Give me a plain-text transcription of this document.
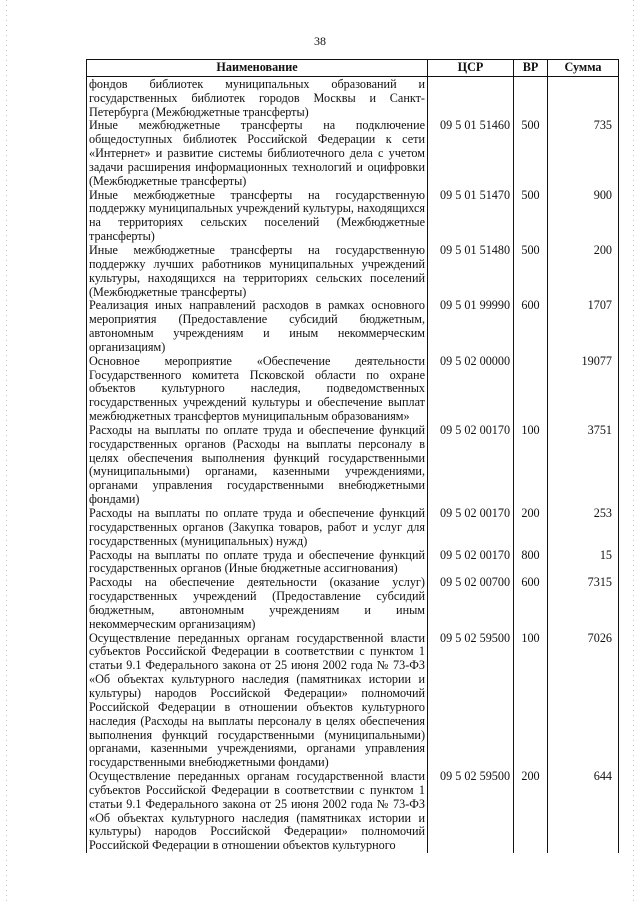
38
Наименование	ЦСР	ВР	Сумма
фондов библиотек муниципальных образований и государственных библиотек городов Москвы и Санкт-Петербурга (Межбюджетные трансферты)			
Иные межбюджетные трансферты на подключение общедоступных библиотек Российской Федерации к сети «Интернет» и развитие системы библиотечного дела с учетом задачи расширения информационных технологий и оцифровки (Межбюджетные трансферты)	09 5 01 51460	500	735
Иные межбюджетные трансферты на государственную поддержку муниципальных учреждений культуры, находящихся на территориях сельских поселений (Межбюджетные трансферты)	09 5 01 51470	500	900
Иные межбюджетные трансферты на государственную поддержку лучших работников муниципальных учреждений культуры, находящихся на территориях сельских поселений (Межбюджетные трансферты)	09 5 01 51480	500	200
Реализация иных направлений расходов в рамках основного мероприятия (Предоставление субсидий бюджетным, автономным учреждениям и иным некоммерческим организациям)	09 5 01 99990	600	1707
Основное мероприятие «Обеспечение деятельности Государственного комитета Псковской области по охране объектов культурного наследия, подведомственных государственных учреждений культуры и обеспечение выплат межбюджетных трансфертов муниципальным образованиям»	09 5 02 00000		19077
Расходы на выплаты по оплате труда и обеспечение функций государственных органов (Расходы на выплаты персоналу в целях обеспечения выполнения функций государственными (муниципальными) органами, казенными учреждениями, органами управления государственными внебюджетными фондами)	09 5 02 00170	100	3751
Расходы на выплаты по оплате труда и обеспечение функций государственных органов (Закупка товаров, работ и услуг для государственных (муниципальных) нужд)	09 5 02 00170	200	253
Расходы на выплаты по оплате труда и обеспечение функций государственных органов (Иные бюджетные ассигнования)	09 5 02 00170	800	15
Расходы на обеспечение деятельности (оказание услуг) государственных учреждений (Предоставление субсидий бюджетным, автономным учреждениям и иным некоммерческим организациям)	09 5 02 00700	600	7315
Осуществление переданных органам государственной власти субъектов Российской Федерации в соответствии с пунктом 1 статьи 9.1 Федерального закона от 25 июня 2002 года № 73-ФЗ «Об объектах культурного наследия (памятниках истории и культуры) народов Российской Федерации» полномочий Российской Федерации в отношении объектов культурного наследия (Расходы на выплаты персоналу в целях обеспечения выполнения функций государственными (муниципальными) органами, казенными учреждениями, органами управления государственными внебюджетными фондами)	09 5 02 59500	100	7026
Осуществление переданных органам государственной власти субъектов Российской Федерации в соответствии с пунктом 1 статьи 9.1 Федерального закона от 25 июня 2002 года № 73-ФЗ «Об объектах культурного наследия (памятниках истории и культуры) народов Российской Федерации» полномочий Российской Федерации в отношении объектов культурного	09 5 02 59500	200	644
